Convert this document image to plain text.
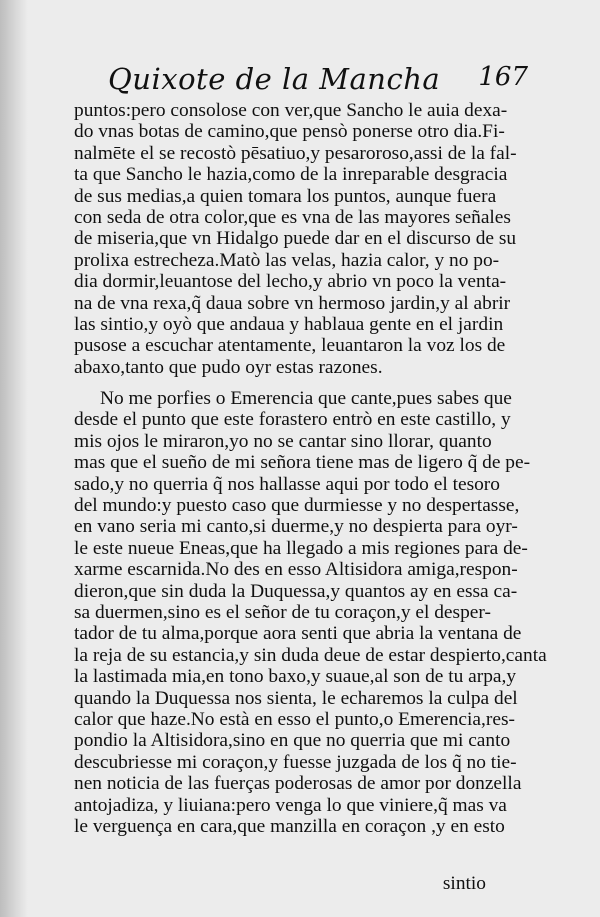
Quixote de la Mancha 167
puntos:pero consolose con ver,que Sancho le auia dexa-
do vnas botas de camino,que pensò ponerse otro dia.Fi-
nalmēte el se recostò pēsatiuo,y pesaroroso,assi de la fal-
ta que Sancho le hazia,como de la inreparable desgracia
de sus medias,a quien tomara los puntos, aunque fuera
con seda de otra color,que es vna de las mayores señales
de miseria,que vn Hidalgo puede dar en el discurso de su
prolixa estrecheza.Matò las velas, hazia calor, y no po-
dia dormir,leuantose del lecho,y abrio vn poco la venta-
na de vna rexa,q̃ daua sobre vn hermoso jardin,y al abrir
las sintio,y oyò que andaua y hablaua gente en el jardin
pusose a escuchar atentamente, leuantaron la voz los de
abaxo,tanto que pudo oyr estas razones.
No me porfies o Emerencia que cante,pues sabes que
desde el punto que este forastero entrò en este castillo, y
mis ojos le miraron,yo no se cantar sino llorar, quanto
mas que el sueño de mi señora tiene mas de ligero q̃ de pe-
sado,y no querria q̃ nos hallasse aqui por todo el tesoro
del mundo:y puesto caso que durmiesse y no despertasse,
en vano seria mi canto,si duerme,y no despierta para oyr-
le este nueue Eneas,que ha llegado a mis regiones para de-
xarme escarnida.No des en esso Altisidora amiga,respon-
dieron,que sin duda la Duquessa,y quantos ay en essa ca-
sa duermen,sino es el señor de tu coraçon,y el desper-
tador de tu alma,porque aora senti que abria la ventana de
la reja de su estancia,y sin duda deue de estar despierto,canta
la lastimada mia,en tono baxo,y suaue,al son de tu arpa,y
quando la Duquessa nos sienta, le echaremos la culpa del
calor que haze.No està en esso el punto,o Emerencia,res-
pondio la Altisidora,sino en que no querria que mi canto
descubriesse mi coraçon,y fuesse juzgada de los q̃ no tie-
nen noticia de las fuerças poderosas de amor por donzella
antojadiza, y liuiana:pero venga lo que viniere,q̃ mas va
le verguença en cara,que manzilla en coraçon ,y en esto
sintio
